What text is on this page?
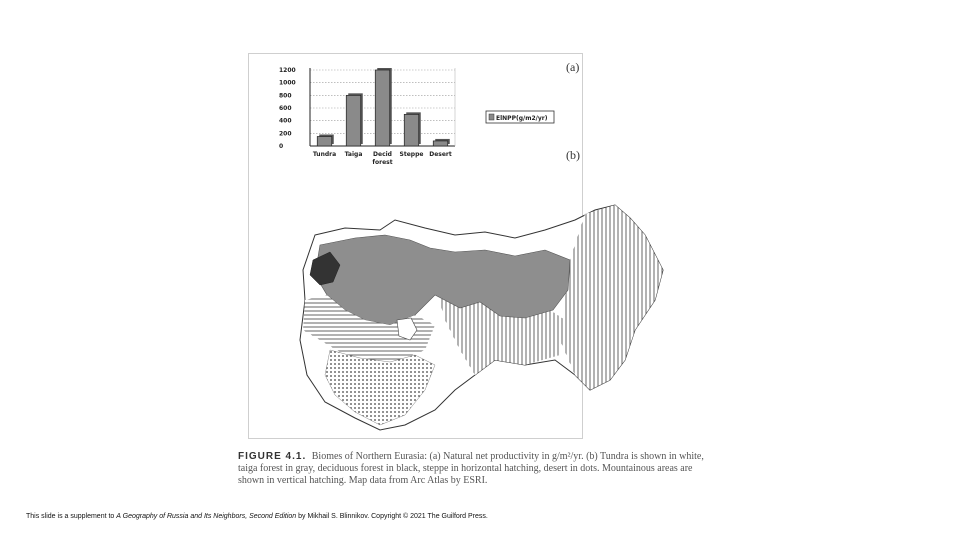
1200
1000
800
600
400
200
0
Tundra Taiga Decid forest
Steppe Desert
ElNPP(g/m2/yr)
(a)
(b)
FIGURE 4.1. Biomes of Northern Eurasia: (a) Natural net productivity in g/m²/yr. (b) Tundra is shown in white, taiga forest in gray, deciduous forest in black, steppe in horizontal hatching, desert in dots. Mountainous areas are shown in vertical hatching. Map data from Arc Atlas by ESRI.
This slide is a supplement to A Geography of Russia and Its Neighbors, Second Edition by Mikhail S. Blinnikov. Copyright © 2021 The Guilford Press.
